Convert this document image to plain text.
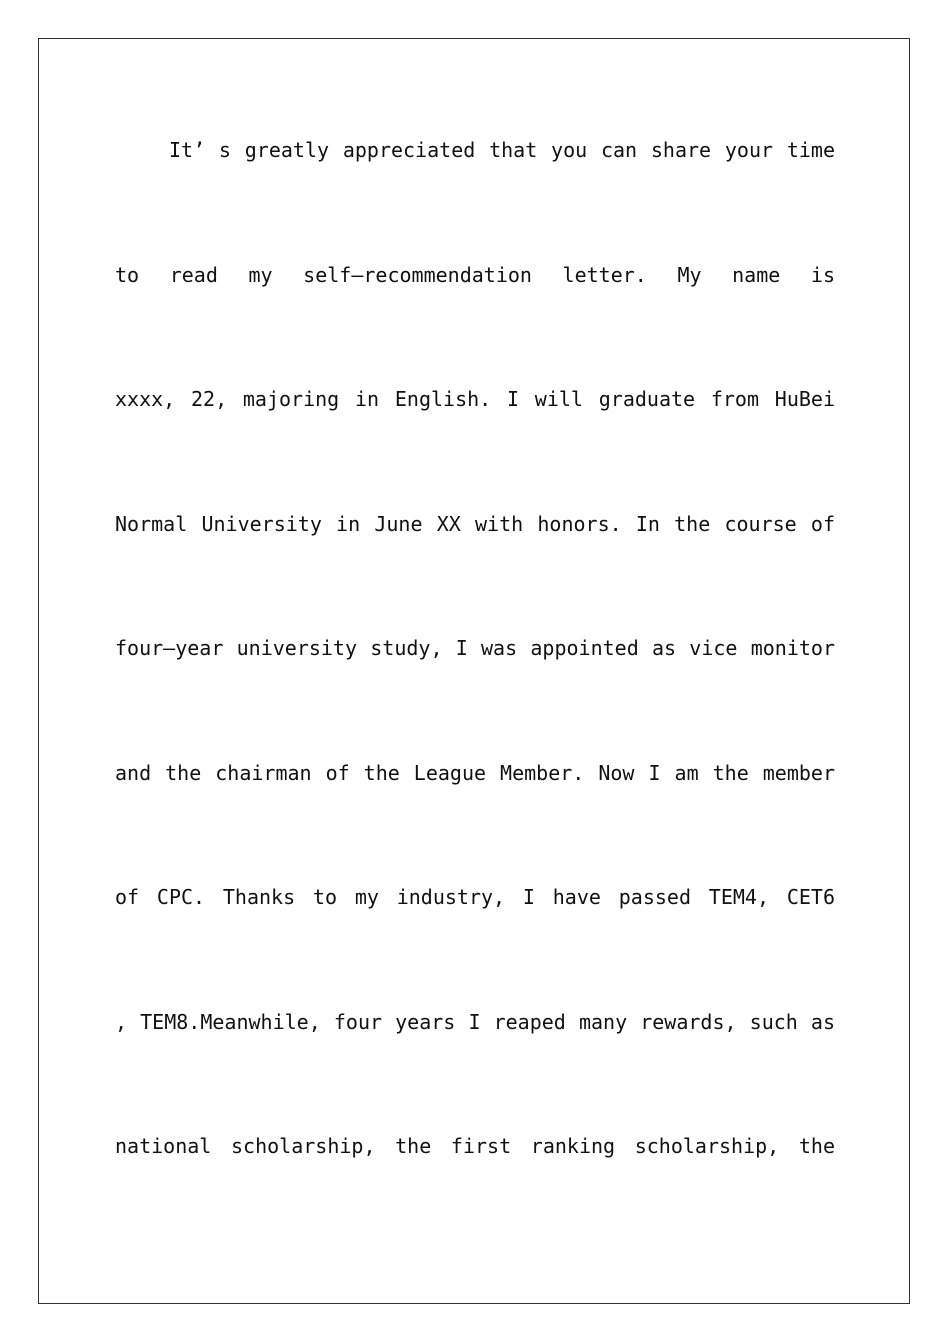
It’ s greatly appreciated that you can share your time
to read my self—recommendation letter. My name is
xxxx, 22, majoring in English. I will graduate from HuBei
Normal University in June XX with honors. In the course of
four—year university study, I was appointed as vice monitor
and the chairman of the League Member. Now I am the member
of CPC. Thanks to my industry, I have passed TEM4, CET6
, TEM8.Meanwhile, four years I reaped many rewards, such as
national scholarship, the first ranking scholarship, the
